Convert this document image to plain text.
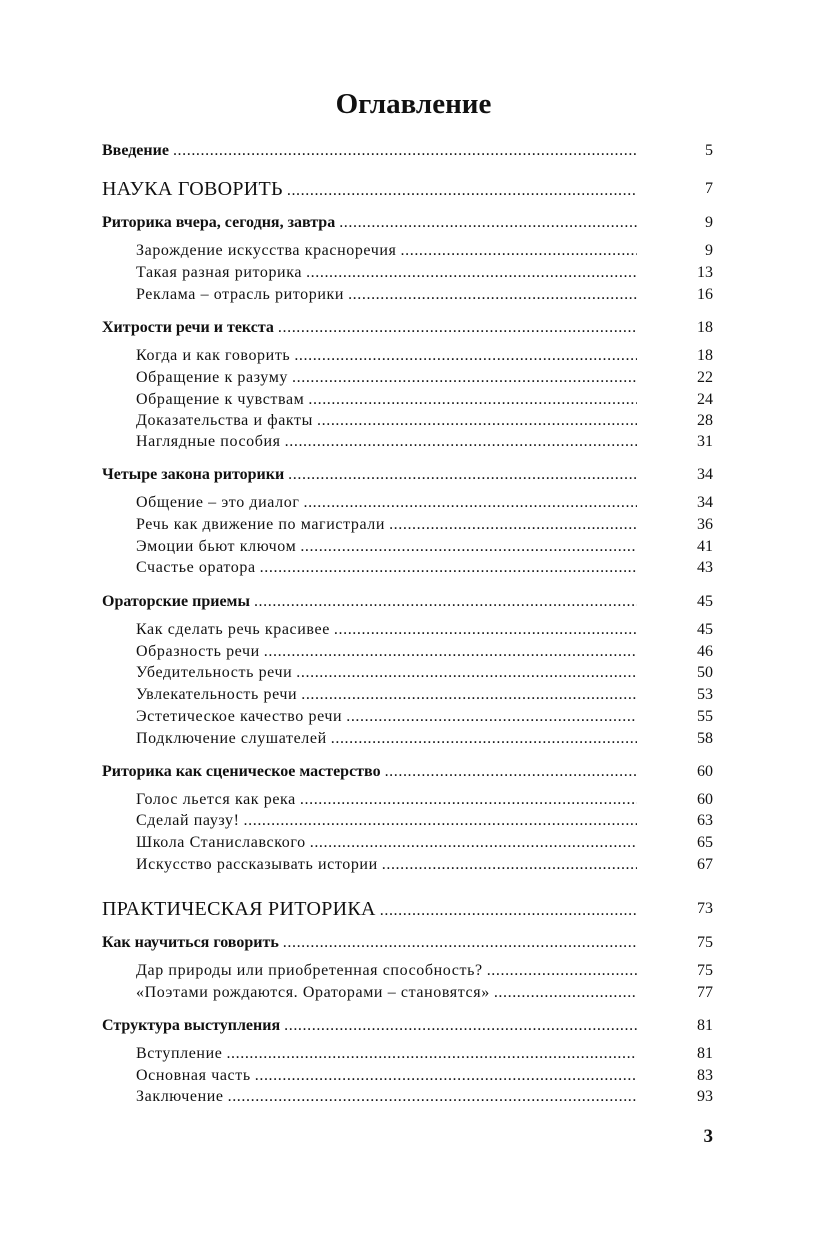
Оглавление
Введение .....	5
НАУКА ГОВОРИТЬ .....	7
Риторика вчера, сегодня, завтра .....	9
Зарождение искусства красноречия .....	9
Такая разная риторика .....	13
Реклама – отрасль риторики .....	16
Хитрости речи и текста .....	18
Когда и как говорить .....	18
Обращение к разуму .....	22
Обращение к чувствам .....	24
Доказательства и факты .....	28
Наглядные пособия .....	31
Четыре закона риторики .....	34
Общение – это диалог .....	34
Речь как движение по магистрали .....	36
Эмоции бьют ключом .....	41
Счастье оратора .....	43
Ораторские приемы .....	45
Как сделать речь красивее .....	45
Образность речи .....	46
Убедительность речи .....	50
Увлекательность речи .....	53
Эстетическое качество речи .....	55
Подключение слушателей .....	58
Риторика как сценическое мастерство .....	60
Голос льется как река .....	60
Сделай паузу! .....	63
Школа Станиславского .....	65
Искусство рассказывать истории .....	67
ПРАКТИЧЕСКАЯ РИТОРИКА .....	73
Как научиться говорить .....	75
Дар природы или приобретенная способность? .....	75
«Поэтами рождаются. Ораторами – становятся» .....	77
Структура выступления .....	81
Вступление .....	81
Основная часть .....	83
Заключение .....	93
3
